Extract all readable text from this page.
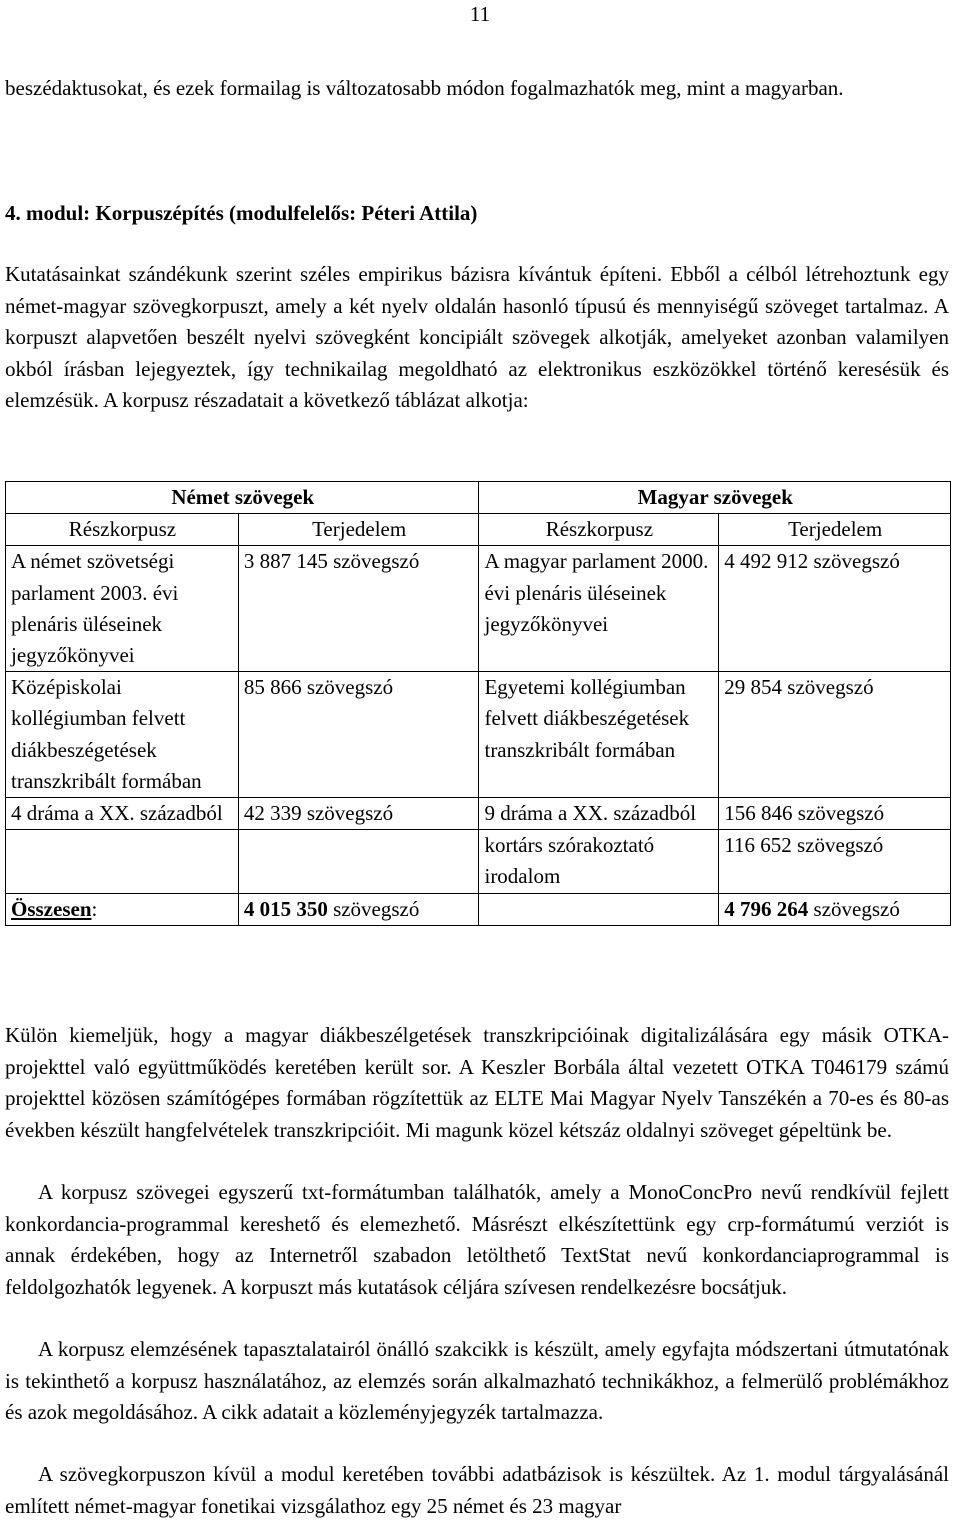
11

beszédaktusokat, és ezek formailag is változatosabb módon fogalmazhatók meg, mint a magyarban.

4. modul: Korpuszépítés (modulfelelős: Péteri Attila)

Kutatásainkat szándékunk szerint széles empirikus bázisra kívántuk építeni. Ebből a célból létrehoztunk egy német-magyar szövegkorpuszt, amely a két nyelv oldalán hasonló típusú és mennyiségű szöveget tartalmaz. A korpuszt alapvetően beszélt nyelvi szövegként koncipiált szövegek alkotják, amelyeket azonban valamilyen okból írásban lejegyeztek, így technikailag megoldható az elektronikus eszközökkel történő keresésük és elemzésük. A korpusz részadatait a következő táblázat alkotja:

Német szövegek		Magyar szövegek	
Részkorpusz	Terjedelem	Részkorpusz	Terjedelem
A német szövetségi parlament 2003. évi plenáris üléseinek jegyzőkönyvei	3 887 145 szövegszó	A magyar parlament 2000. évi plenáris üléseinek jegyzőkönyvei	4 492 912 szövegszó
Középiskolai kollégiumban felvett diákbeszégetések transzkribált formában	85 866 szövegszó	Egyetemi kollégiumban felvett diákbeszégetések transzkribált formában	29 854 szövegszó
4 dráma a XX. századból	42 339 szövegszó	9 dráma a XX. századból	156 846 szövegszó
		kortárs szórakoztató irodalom	116 652 szövegszó
Összesen:	4 015 350 szövegszó		4 796 264 szövegszó

Külön kiemeljük, hogy a magyar diákbeszélgetések transzkripcióinak digitalizálására egy másik OTKA-projekttel való együttműködés keretében került sor. A Keszler Borbála által vezetett OTKA T046179 számú projekttel közösen számítógépes formában rögzítettük az ELTE Mai Magyar Nyelv Tanszékén a 70-es és 80-as években készült hangfelvételek transzkripcióit. Mi magunk közel kétszáz oldalnyi szöveget gépeltünk be.

A korpusz szövegei egyszerű txt-formátumban találhatók, amely a MonoConcPro nevű rendkívül fejlett konkordancia-programmal kereshető és elemezhető. Másrészt elkészítettünk egy crp-formátumú verziót is annak érdekében, hogy az Internetről szabadon letölthető TextStat nevű konkordanciaprogrammal is feldolgozhatók legyenek. A korpuszt más kutatások céljára szívesen rendelkezésre bocsátjuk.

A korpusz elemzésének tapasztalatairól önálló szakcikk is készült, amely egyfajta módszertani útmutatónak is tekinthető a korpusz használatához, az elemzés során alkalmazható technikákhoz, a felmerülő problémákhoz és azok megoldásához. A cikk adatait a közleményjegyzék tartalmazza.

A szövegkorpuszon kívül a modul keretében további adatbázisok is készültek. Az 1. modul tárgyalásánál említett német-magyar fonetikai vizsgálathoz egy 25 német és 23 magyar
